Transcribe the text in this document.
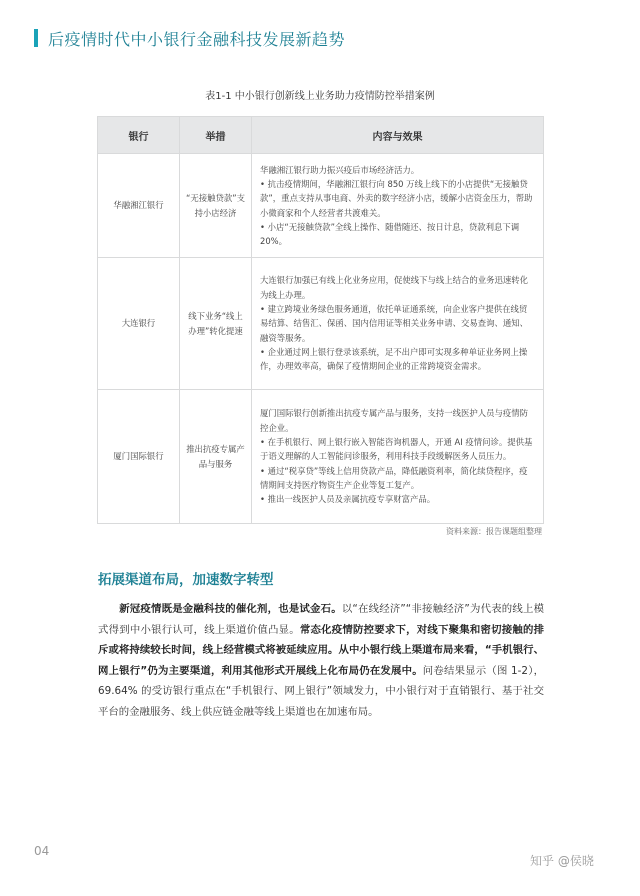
后疫情时代中小银行金融科技发展新趋势
表1-1 中小银行创新线上业务助力疫情防控举措案例
银行	举措	内容与效果
华融湘江银行	“无接触贷款”支持小店经济	华融湘江银行助力振兴疫后市场经济活力。
• 抗击疫情期间，华融湘江银行向 850 万线上线下的小店提供“无接触贷款”，重点支持从事电商、外卖的数字经济小店，缓解小店资金压力，帮助小微商家和个人经营者共渡难关。
• 小店“无接触贷款”全线上操作、随借随还、按日计息，贷款利息下调 20%。

大连银行	线下业务“线上办理”转化提速	大连银行加强已有线上化业务应用，促使线下与线上结合的业务迅速转化为线上办理。
• 建立跨境业务绿色服务通道，依托单证通系统，向企业客户提供在线贸易结算、结售汇、保函、国内信用证等相关业务申请、交易查询、通知、融资等服务。
• 企业通过网上银行登录该系统，足不出户即可实现多种单证业务网上操作，办理效率高，确保了疫情期间企业的正常跨境资金需求。

厦门国际银行	推出抗疫专属产品与服务	厦门国际银行创新推出抗疫专属产品与服务，支持一线医护人员与疫情防控企业。
• 在手机银行、网上银行嵌入智能咨询机器人，开通 AI 疫情问诊。提供基于语义理解的人工智能问诊服务，利用科技手段缓解医务人员压力。
• 通过“税享贷”等线上信用贷款产品，降低融资利率，简化续贷程序，疫情期间支持医疗物资生产企业等复工复产。
• 推出一线医护人员及亲属抗疫专享财富产品。
资料来源：报告课题组整理
拓展渠道布局，加速数字转型
　　新冠疫情既是金融科技的催化剂，也是试金石。以“在线经济”“非接触经济”为代表的线上模式得到中小银行认可，线上渠道价值凸显。常态化疫情防控要求下，对线下聚集和密切接触的排斥或将持续较长时间，线上经营模式将被延续应用。从中小银行线上渠道布局来看，“手机银行、网上银行”仍为主要渠道，利用其他形式开展线上化布局仍在发展中。问卷结果显示（图 1-2），69.64% 的受访银行重点在“手机银行、网上银行”领域发力，中小银行对于直销银行、基于社交平台的金融服务、线上供应链金融等线上渠道也在加速布局。
04
知乎 @侯晓
